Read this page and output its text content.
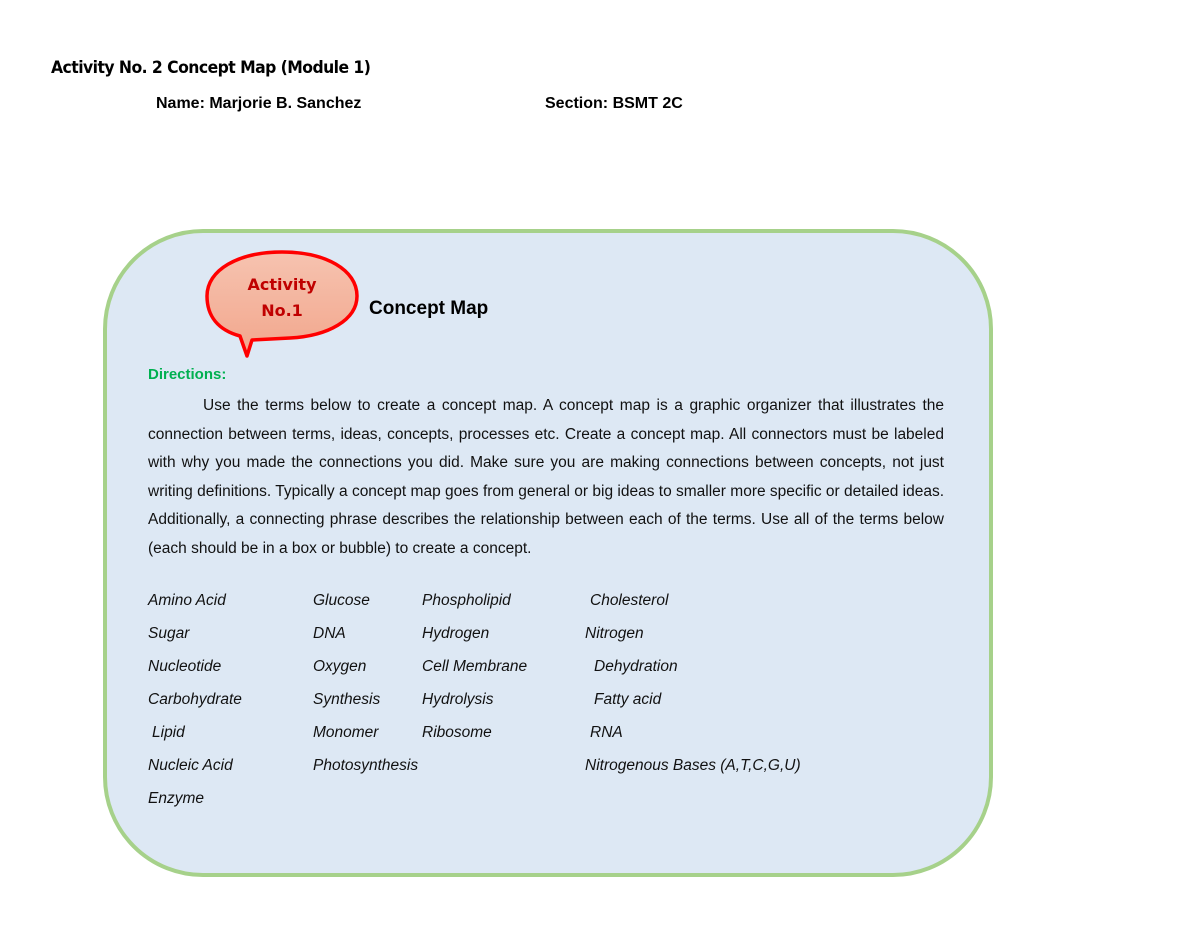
Activity No. 2 Concept Map (Module 1)
Name: Marjorie B. Sanchez	Section: BSMT 2C
Activity
No.1	Concept Map
Directions:
Use the terms below to create a concept map. A concept map is a graphic organizer that illustrates the connection between terms, ideas, concepts, processes etc. Create a concept map. All connectors must be labeled with why you made the connections you did. Make sure you are making connections between concepts, not just writing definitions. Typically a concept map goes from general or big ideas to smaller more specific or detailed ideas. Additionally, a connecting phrase describes the relationship between each of the terms. Use all of the terms below (each should be in a box or bubble) to create a concept.
Amino Acid
Sugar
Nucleotide
Carbohydrate
Lipid
Nucleic Acid
Enzyme
Glucose
DNA
Oxygen
Synthesis
Monomer
Photosynthesis
Phospholipid
Hydrogen
Cell Membrane
Hydrolysis
Ribosome
Cholesterol
Nitrogen
Dehydration
Fatty acid
RNA
Nitrogenous Bases (A,T,C,G,U)
